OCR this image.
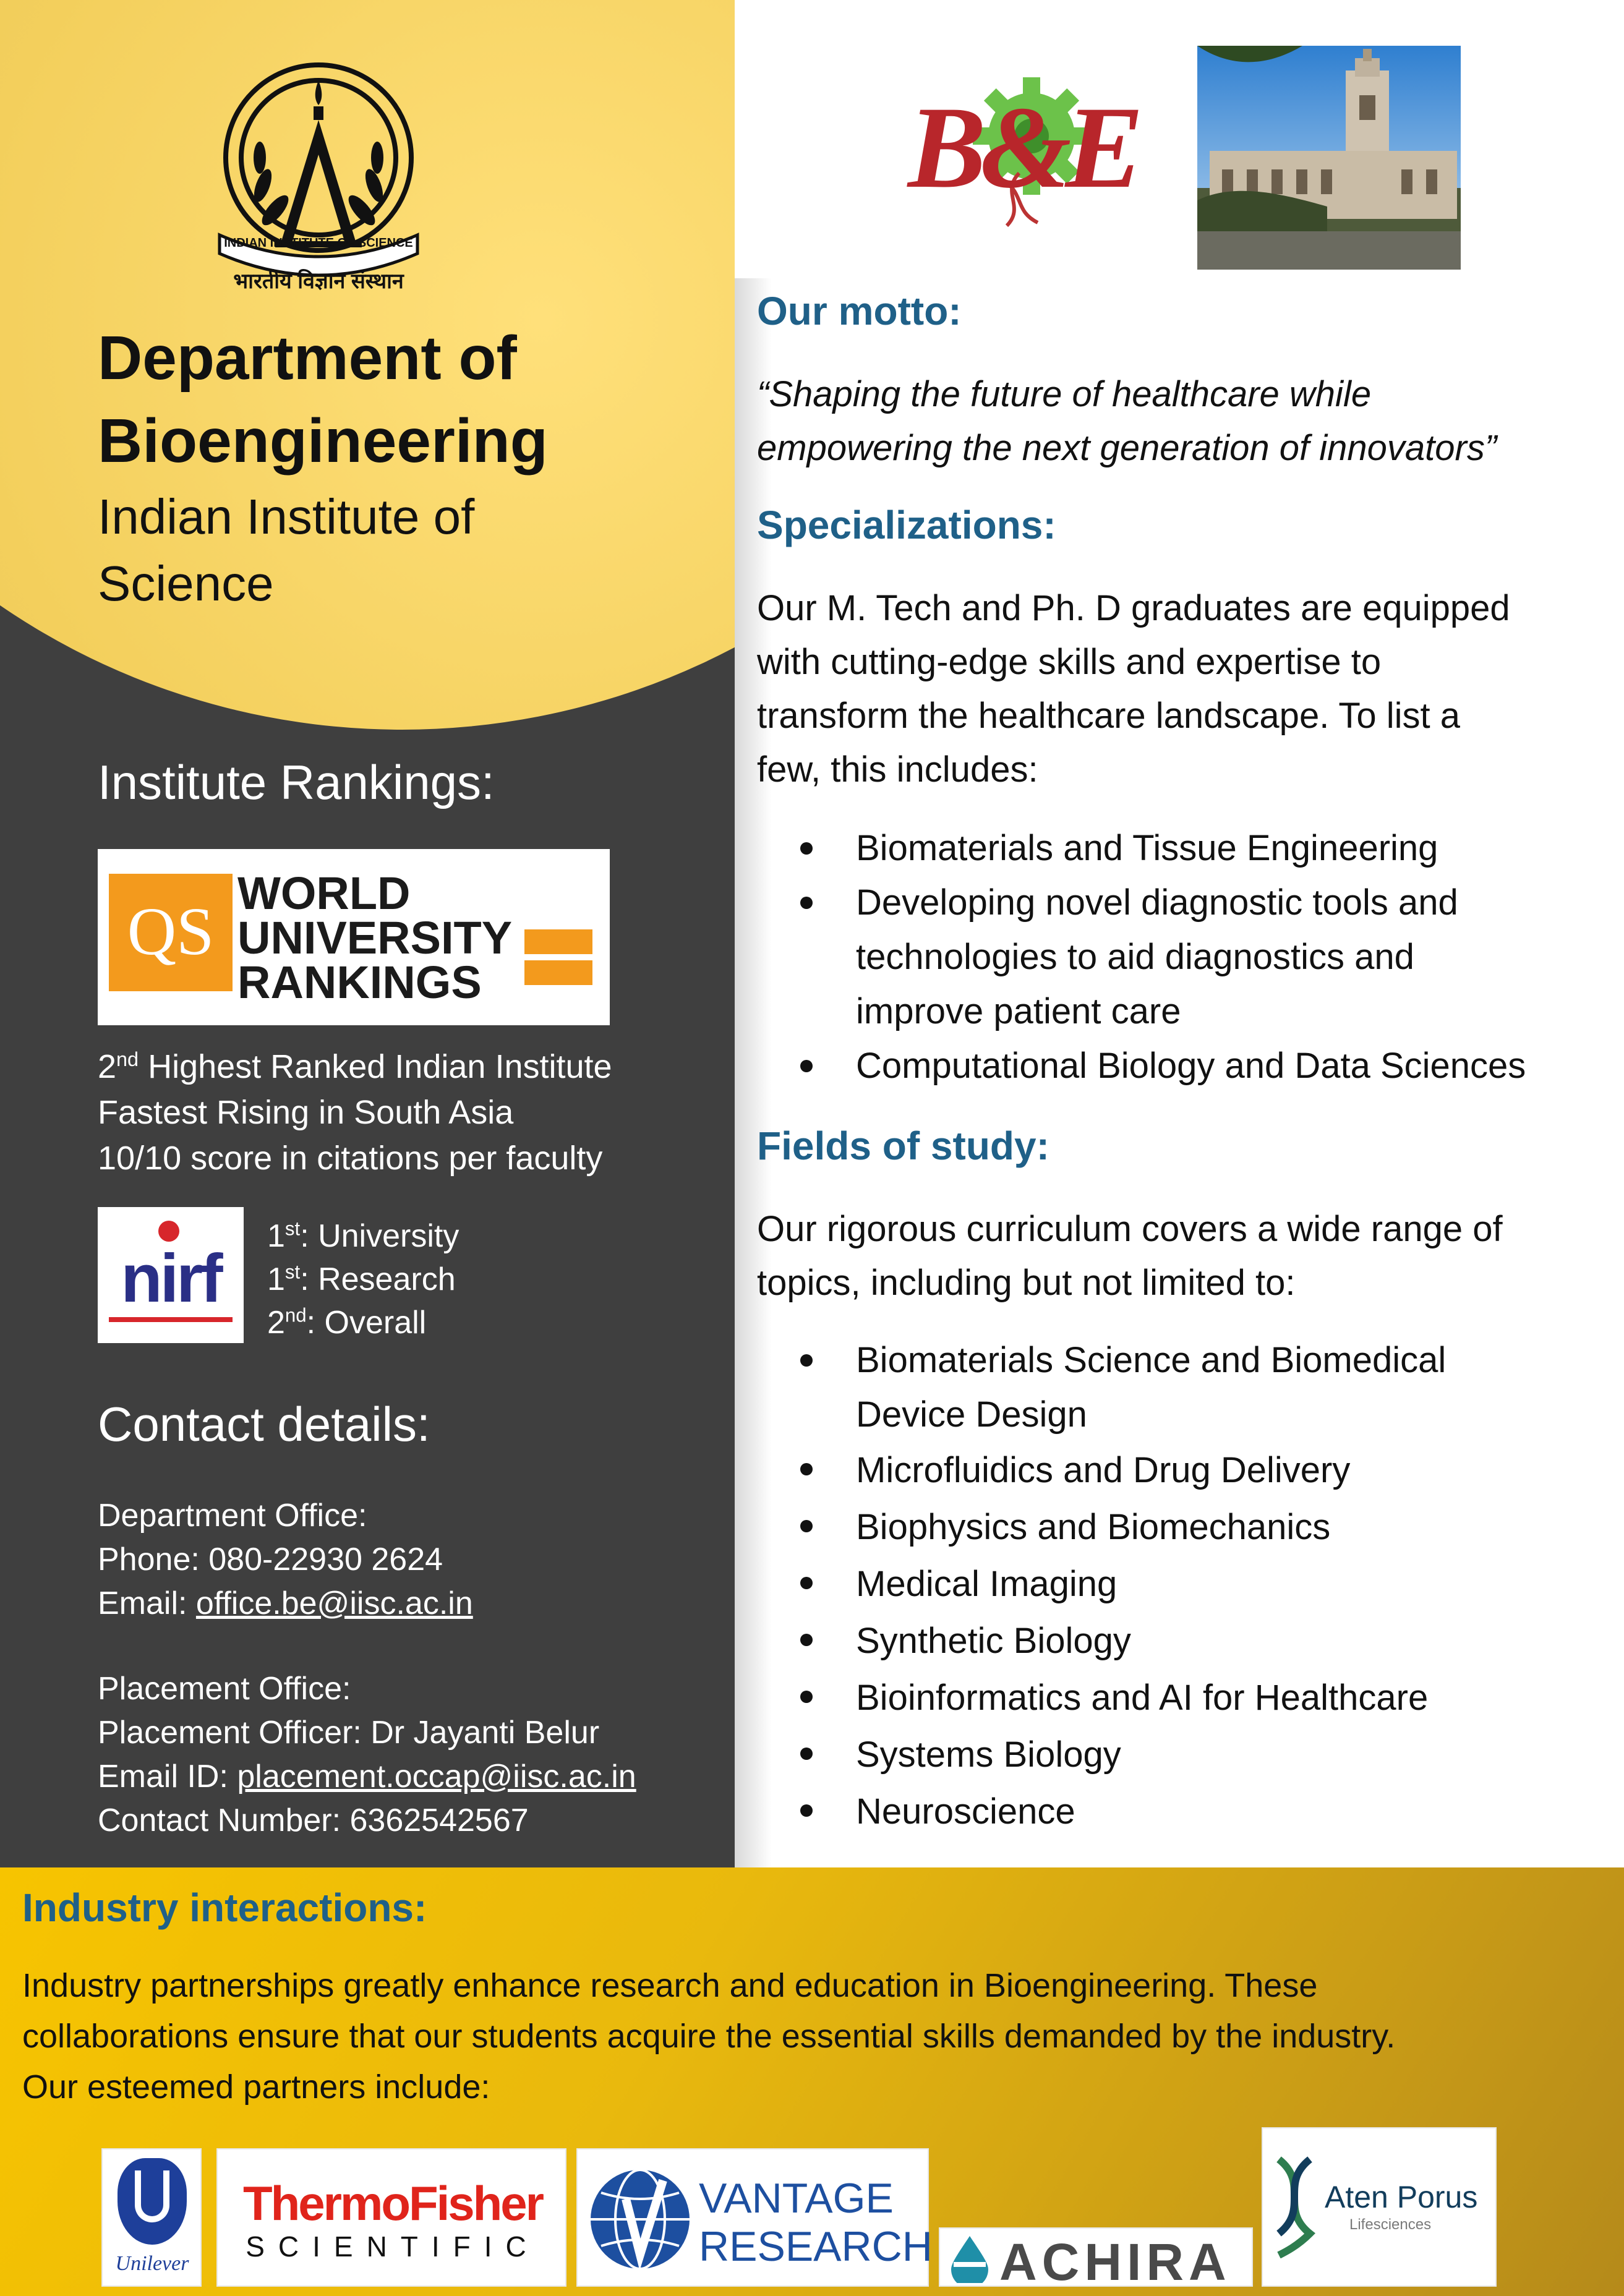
INDIAN INSTITUTE OF SCIENCE
भारतीय विज्ञान संस्थान
Department of
Bioengineering
Indian Institute of
Science
Institute Rankings:
QS
WORLD
UNIVERSITY
RANKINGS
2nd Highest Ranked Indian Institute
Fastest Rising in South Asia
10/10 score in citations per faculty
nirf
1st: University
1st: Research
2nd: Overall
Contact details:
Department Office:
Phone: 080-22930 2624
Email: office.be@iisc.ac.in
Placement Office:
Placement Officer: Dr Jayanti Belur
Email ID: placement.occap@iisc.ac.in
Contact Number: 6362542567
B&E
Our motto:
“Shaping the future of healthcare while
empowering the next generation of innovators”
Specializations:
Our M. Tech and Ph. D graduates are equipped
with cutting-edge skills and expertise to
transform the healthcare landscape. To list a
few, this includes:
Biomaterials and Tissue Engineering
Developing novel diagnostic tools and
technologies to aid diagnostics and
improve patient care
Computational Biology and Data Sciences
Fields of study:
Our rigorous curriculum covers a wide range of
topics, including but not limited to:
Biomaterials Science and Biomedical
Device Design
Microfluidics and Drug Delivery
Biophysics and Biomechanics
Medical Imaging
Synthetic Biology
Bioinformatics and AI for Healthcare
Systems Biology
Neuroscience
Industry interactions:
Industry partnerships greatly enhance research and education in Bioengineering. These
collaborations ensure that our students acquire the essential skills demanded by the industry.
Our esteemed partners include:
Unilever
ThermoFisher
SCIENTIFIC
VANTAGE
RESEARCH ACHIRA
Aten Porus
Lifesciences
